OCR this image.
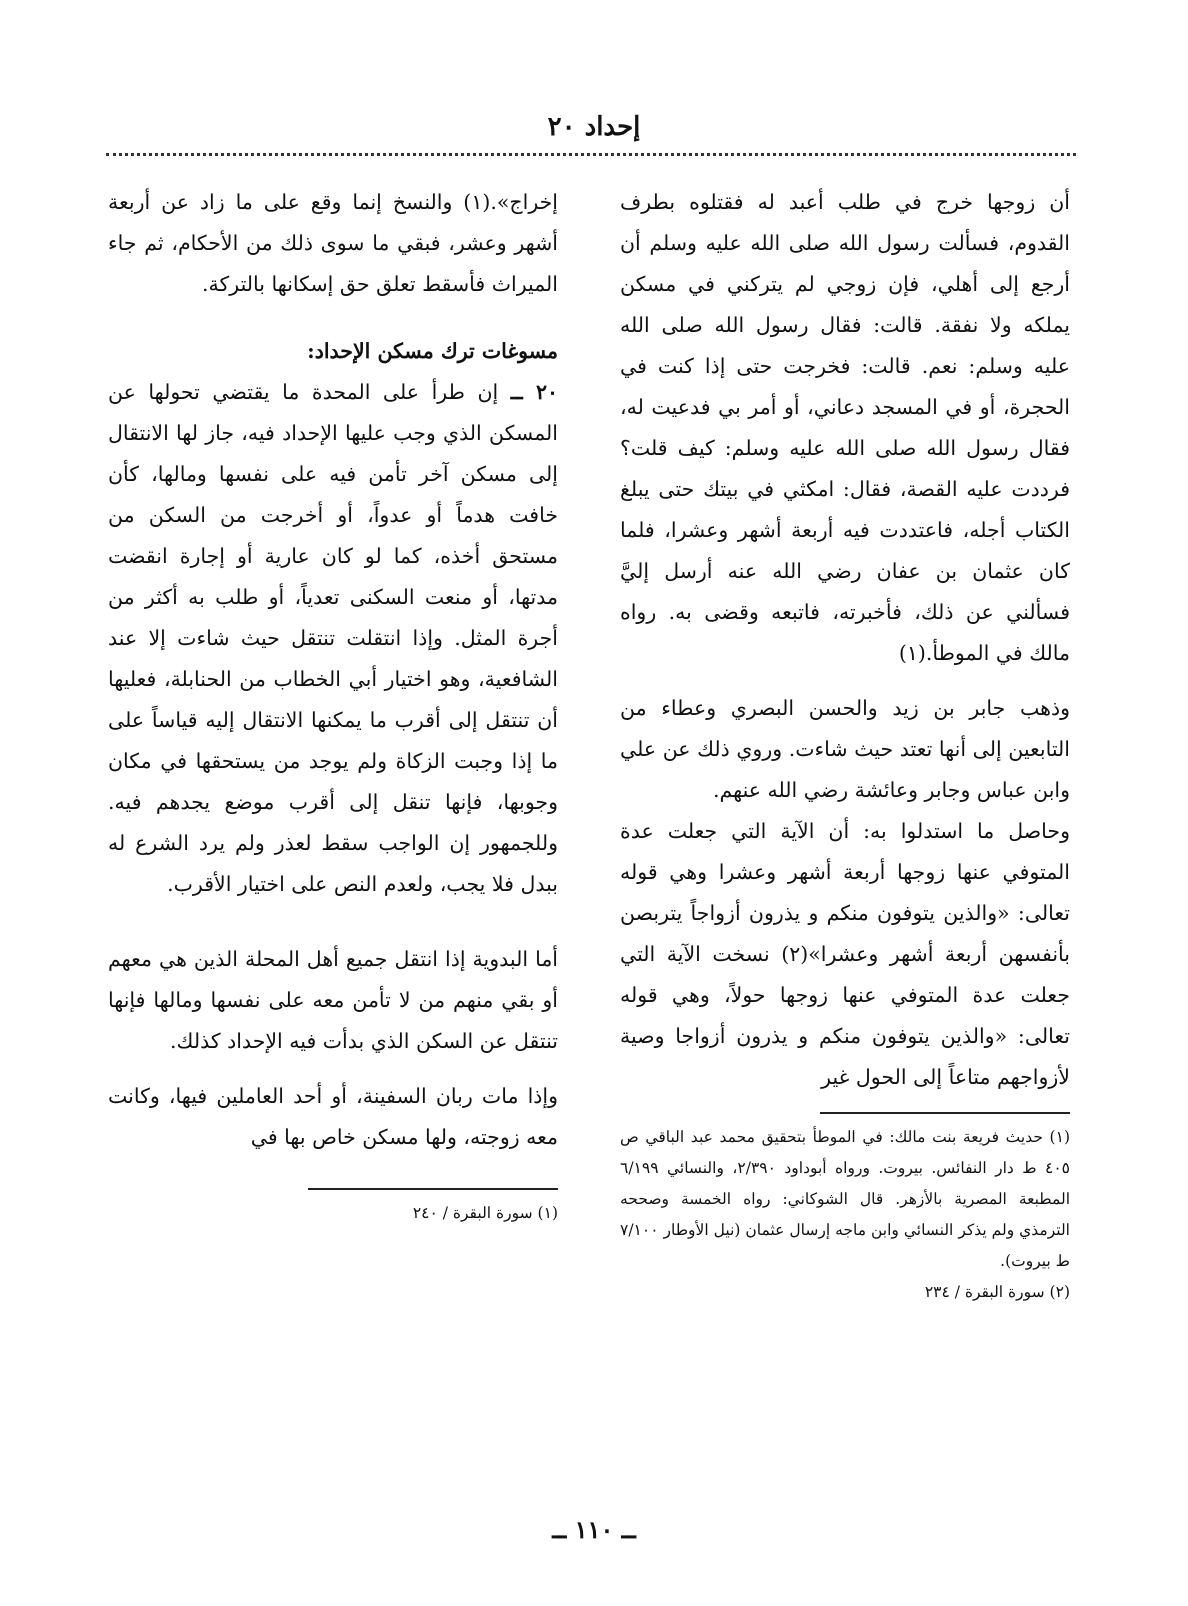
إحداد ٢٠

أن زوجها خرج في طلب أعبد له فقتلوه بطرف القدوم، فسألت رسول الله صلى الله عليه وسلم أن أرجع إلى أهلي، فإن زوجي لم يتركني في مسكن يملكه ولا نفقة. قالت: فقال رسول الله صلى الله عليه وسلم: نعم. قالت: فخرجت حتى إذا كنت في الحجرة، أو في المسجد دعاني، أو أمر بي فدعيت له، فقال رسول الله صلى الله عليه وسلم: كيف قلت؟ فرددت عليه القصة، فقال: امكثي في بيتك حتى يبلغ الكتاب أجله، فاعتددت فيه أربعة أشهر وعشرا، فلما كان عثمان بن عفان رضي الله عنه أرسل إليَّ فسألني عن ذلك، فأخبرته، فاتبعه وقضى به. رواه مالك في الموطأ.(١)

وذهب جابر بن زيد والحسن البصري وعطاء من التابعين إلى أنها تعتد حيث شاءت. وروي ذلك عن علي وابن عباس وجابر وعائشة رضي الله عنهم.

وحاصل ما استدلوا به: أن الآية التي جعلت عدة المتوفي عنها زوجها أربعة أشهر وعشرا وهي قوله تعالى: «والذين يتوفون منكم و يذرون أزواجاً يتربصن بأنفسهن أربعة أشهر وعشرا»(٢) نسخت الآية التي جعلت عدة المتوفي عنها زوجها حولاً، وهي قوله تعالى: «والذين يتوفون منكم و يذرون أزواجا وصية لأزواجهم متاعاً إلى الحول غير

(١) حديث فريعة بنت مالك: في الموطأ بتحقيق محمد عبد الباقي ص ٤٠٥ ط دار النفائس. بيروت. ورواه أبوداود ٢/٣٩٠، والنسائي ٦/١٩٩ المطبعة المصرية بالأزهر. قال الشوكاني: رواه الخمسة وصححه الترمذي ولم يذكر النسائي وابن ماجه إرسال عثمان (نيل الأوطار ٧/١٠٠ ط بيروت).

(٢) سورة البقرة / ٢٣٤

إخراج».(١) والنسخ إنما وقع على ما زاد عن أربعة أشهر وعشر، فبقي ما سوى ذلك من الأحكام، ثم جاء الميراث فأسقط تعلق حق إسكانها بالتركة.

مسوغات ترك مسكن الإحداد:

٢٠ ــ إن طرأ على المحدة ما يقتضي تحولها عن المسكن الذي وجب عليها الإحداد فيه، جاز لها الانتقال إلى مسكن آخر تأمن فيه على نفسها ومالها، كأن خافت هدماً أو عدواً، أو أخرجت من السكن من مستحق أخذه، كما لو كان عارية أو إجارة انقضت مدتها، أو منعت السكنى تعدياً، أو طلب به أكثر من أجرة المثل. وإذا انتقلت تنتقل حيث شاءت إلا عند الشافعية، وهو اختيار أبي الخطاب من الحنابلة، فعليها أن تنتقل إلى أقرب ما يمكنها الانتقال إليه قياساً على ما إذا وجبت الزكاة ولم يوجد من يستحقها في مكان وجوبها، فإنها تنقل إلى أقرب موضع يجدهم فيه. وللجمهور إن الواجب سقط لعذر ولم يرد الشرع له ببدل فلا يجب، ولعدم النص على اختيار الأقرب.

أما البدوية إذا انتقل جميع أهل المحلة الذين هي معهم أو بقي منهم من لا تأمن معه على نفسها ومالها فإنها تنتقل عن السكن الذي بدأت فيه الإحداد كذلك.

وإذا مات ربان السفينة، أو أحد العاملين فيها، وكانت معه زوجته، ولها مسكن خاص بها في

(١) سورة البقرة / ٢٤٠

ــ ١١٠ ــ
